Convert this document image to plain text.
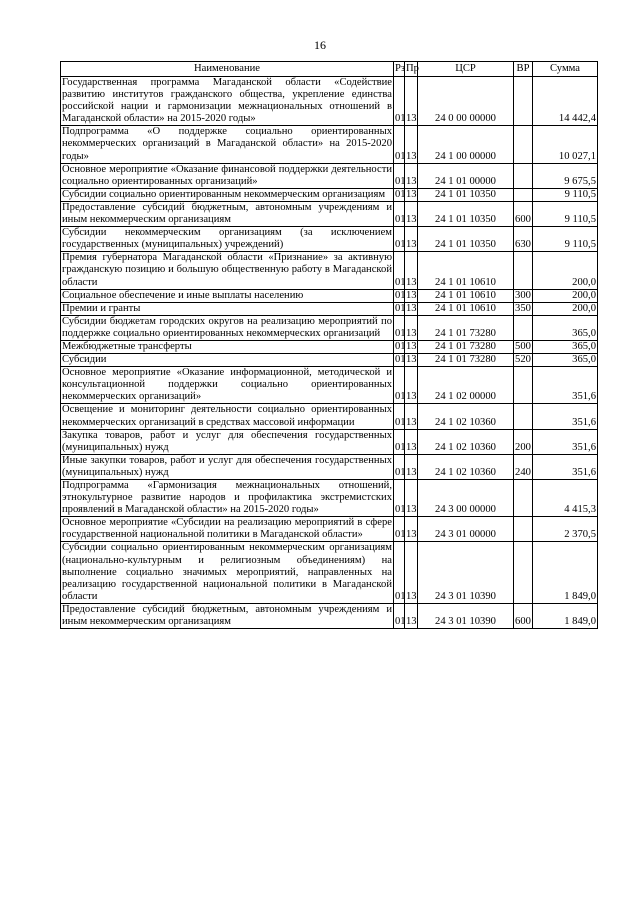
16
Наименование	Рз	Пр	ЦСР	ВР	Сумма
Государственная программа Магаданской области «Содействие развитию институтов гражданского общества, укрепление единства российской нации и гармонизации межнациональных отношений в Магаданской области» на 2015-2020 годы»	01	13	24 0 00 00000		14 442,4
Подпрограмма «О поддержке социально ориентированных некоммерческих организаций в Магаданской области» на 2015-2020 годы»	01	13	24 1 00 00000		10 027,1
Основное мероприятие «Оказание финансовой поддержки деятельности социально ориентированных организаций»	01	13	24 1 01 00000		9 675,5
Субсидии социально ориентированным некоммерческим организациям	01	13	24 1 01 10350		9 110,5
Предоставление субсидий бюджетным, автономным учреждениям и иным некоммерческим организациям	01	13	24 1 01 10350	600	9 110,5
Субсидии некоммерческим организациям (за исключением государственных (муниципальных) учреждений)	01	13	24 1 01 10350	630	9 110,5
Премия губернатора Магаданской области «Признание» за активную гражданскую позицию и большую общественную работу в Магаданской области	01	13	24 1 01 10610		200,0
Социальное обеспечение и иные выплаты населению	01	13	24 1 01 10610	300	200,0
Премии и гранты	01	13	24 1 01 10610	350	200,0
Субсидии бюджетам городских округов на реализацию мероприятий по поддержке социально ориентированных некоммерческих организаций	01	13	24 1 01 73280		365,0
Межбюджетные трансферты	01	13	24 1 01 73280	500	365,0
Субсидии	01	13	24 1 01 73280	520	365,0
Основное мероприятие «Оказание информационной, методической и консультационной поддержки социально ориентированных некоммерческих организаций»	01	13	24 1 02 00000		351,6
Освещение и мониторинг деятельности социально ориентированных некоммерческих организаций в средствах массовой информации	01	13	24 1 02 10360		351,6
Закупка товаров, работ и услуг для обеспечения государственных (муниципальных) нужд	01	13	24 1 02 10360	200	351,6
Иные закупки товаров, работ и услуг для обеспечения государственных (муниципальных) нужд	01	13	24 1 02 10360	240	351,6
Подпрограмма «Гармонизация межнациональных отношений, этнокультурное развитие народов и профилактика экстремистских проявлений в Магаданской области» на 2015-2020 годы»	01	13	24 3 00 00000		4 415,3
Основное мероприятие «Субсидии на реализацию мероприятий в сфере государственной национальной политики в Магаданской области»	01	13	24 3 01 00000		2 370,5
Субсидии социально ориентированным некоммерческим организациям (национально-культурным и религиозным объединениям) на выполнение социально значимых мероприятий, направленных на реализацию государственной национальной политики в Магаданской области	01	13	24 3 01 10390		1 849,0
Предоставление субсидий бюджетным, автономным учреждениям и иным некоммерческим организациям	01	13	24 3 01 10390	600	1 849,0
